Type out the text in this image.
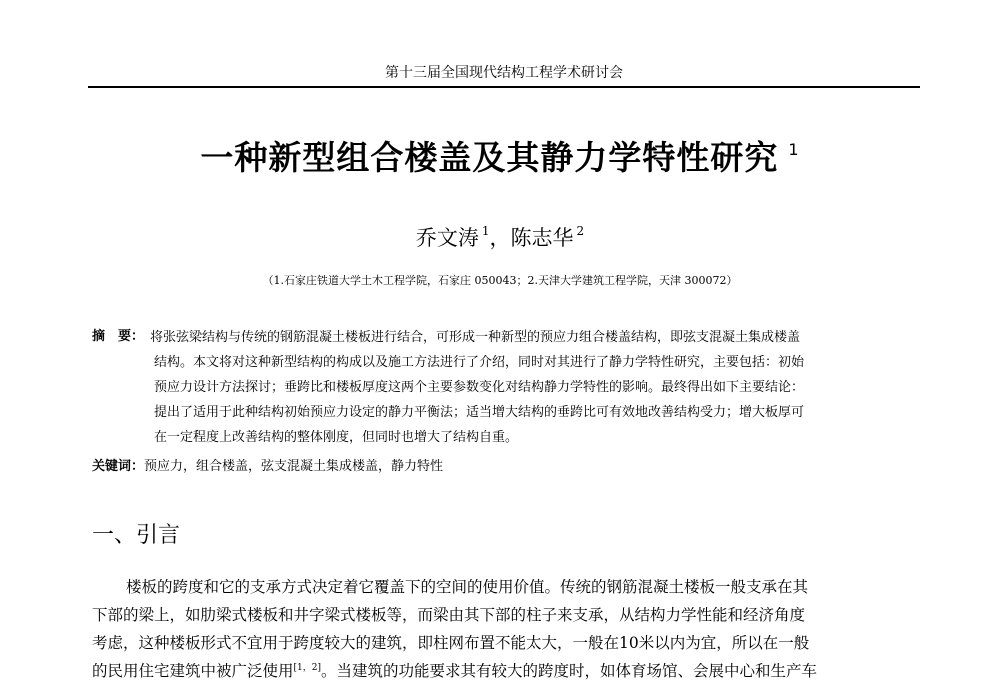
第十三届全国现代结构工程学术研讨会
一种新型组合楼盖及其静力学特性研究 $^1$
乔文涛 $^1$，陈志华 $^2$
（1.石家庄铁道大学土木工程学院，石家庄 050043；2.天津大学建筑工程学院，天津 300072）
摘　要： 将张弦梁结构与传统的钢筋混凝土楼板进行结合，可形成一种新型的预应力组合楼盖结构，即弦支混凝土集成楼盖
结构。本文将对这种新型结构的构成以及施工方法进行了介绍，同时对其进行了静力学特性研究，主要包括：初始
预应力设计方法探讨；垂跨比和楼板厚度这两个主要参数变化对结构静力学特性的影响。最终得出如下主要结论：
提出了适用于此种结构初始预应力设定的静力平衡法；适当增大结构的垂跨比可有效地改善结构受力；增大板厚可
在一定程度上改善结构的整体刚度，但同时也增大了结构自重。
关键词：预应力，组合楼盖，弦支混凝土集成楼盖，静力特性
一、引言
楼板的跨度和它的支承方式决定着它覆盖下的空间的使用价值。传统的钢筋混凝土楼板一般支承在其
下部的梁上，如肋梁式楼板和井字梁式楼板等，而梁由其下部的柱子来支承，从结构力学性能和经济角度
考虑，这种楼板形式不宜用于跨度较大的建筑，即柱网布置不能太大，一般在10米以内为宜，所以在一般
的民用住宅建筑中被广泛使用[1，2]。当建筑的功能要求其有较大的跨度时，如体育场馆、会展中心和生产车
